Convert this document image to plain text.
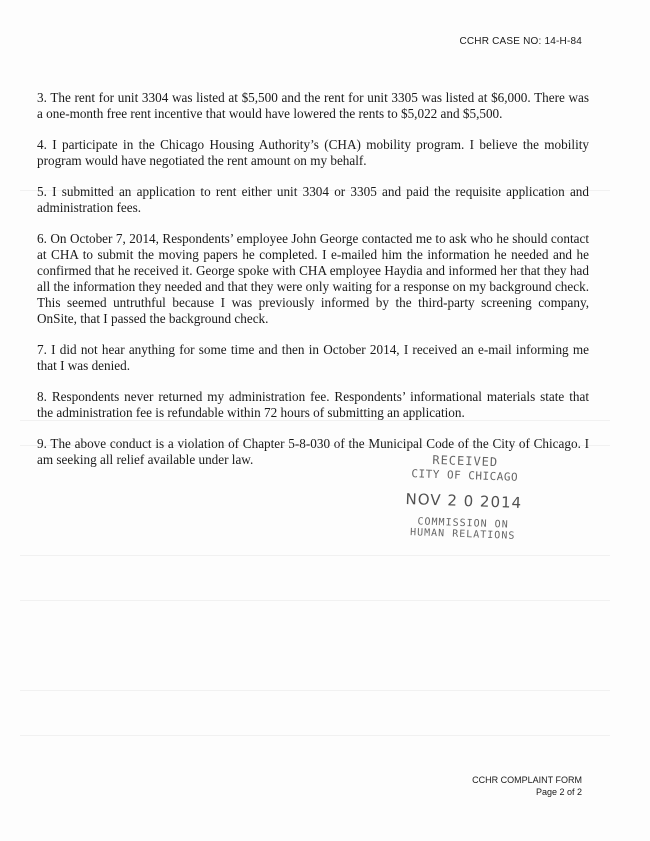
CCHR CASE NO: 14-H-84

3. The rent for unit 3304 was listed at $5,500 and the rent for unit 3305 was listed at $6,000. There was a one-month free rent incentive that would have lowered the rents to $5,022 and $5,500.

4. I participate in the Chicago Housing Authority’s (CHA) mobility program. I believe the mobility program would have negotiated the rent amount on my behalf.

5. I submitted an application to rent either unit 3304 or 3305 and paid the requisite application and administration fees.

6. On October 7, 2014, Respondents’ employee John George contacted me to ask who he should contact at CHA to submit the moving papers he completed. I e-mailed him the information he needed and he confirmed that he received it. George spoke with CHA employee Haydia and informed her that they had all the information they needed and that they were only waiting for a response on my background check. This seemed untruthful because I was previously informed by the third-party screening company, OnSite, that I passed the background check.

7. I did not hear anything for some time and then in October 2014, I received an e-mail informing me that I was denied.

8. Respondents never returned my administration fee. Respondents’ informational materials state that the administration fee is refundable within 72 hours of submitting an application.

9. The above conduct is a violation of Chapter 5-8-030 of the Municipal Code of the City of Chicago. I am seeking all relief available under law.	RECEIVED
CITY OF CHICAGO
NOV 2 0 2014
COMMISSION ON
HUMAN RELATIONS
CCHR COMPLAINT FORM
Page 2 of 2
